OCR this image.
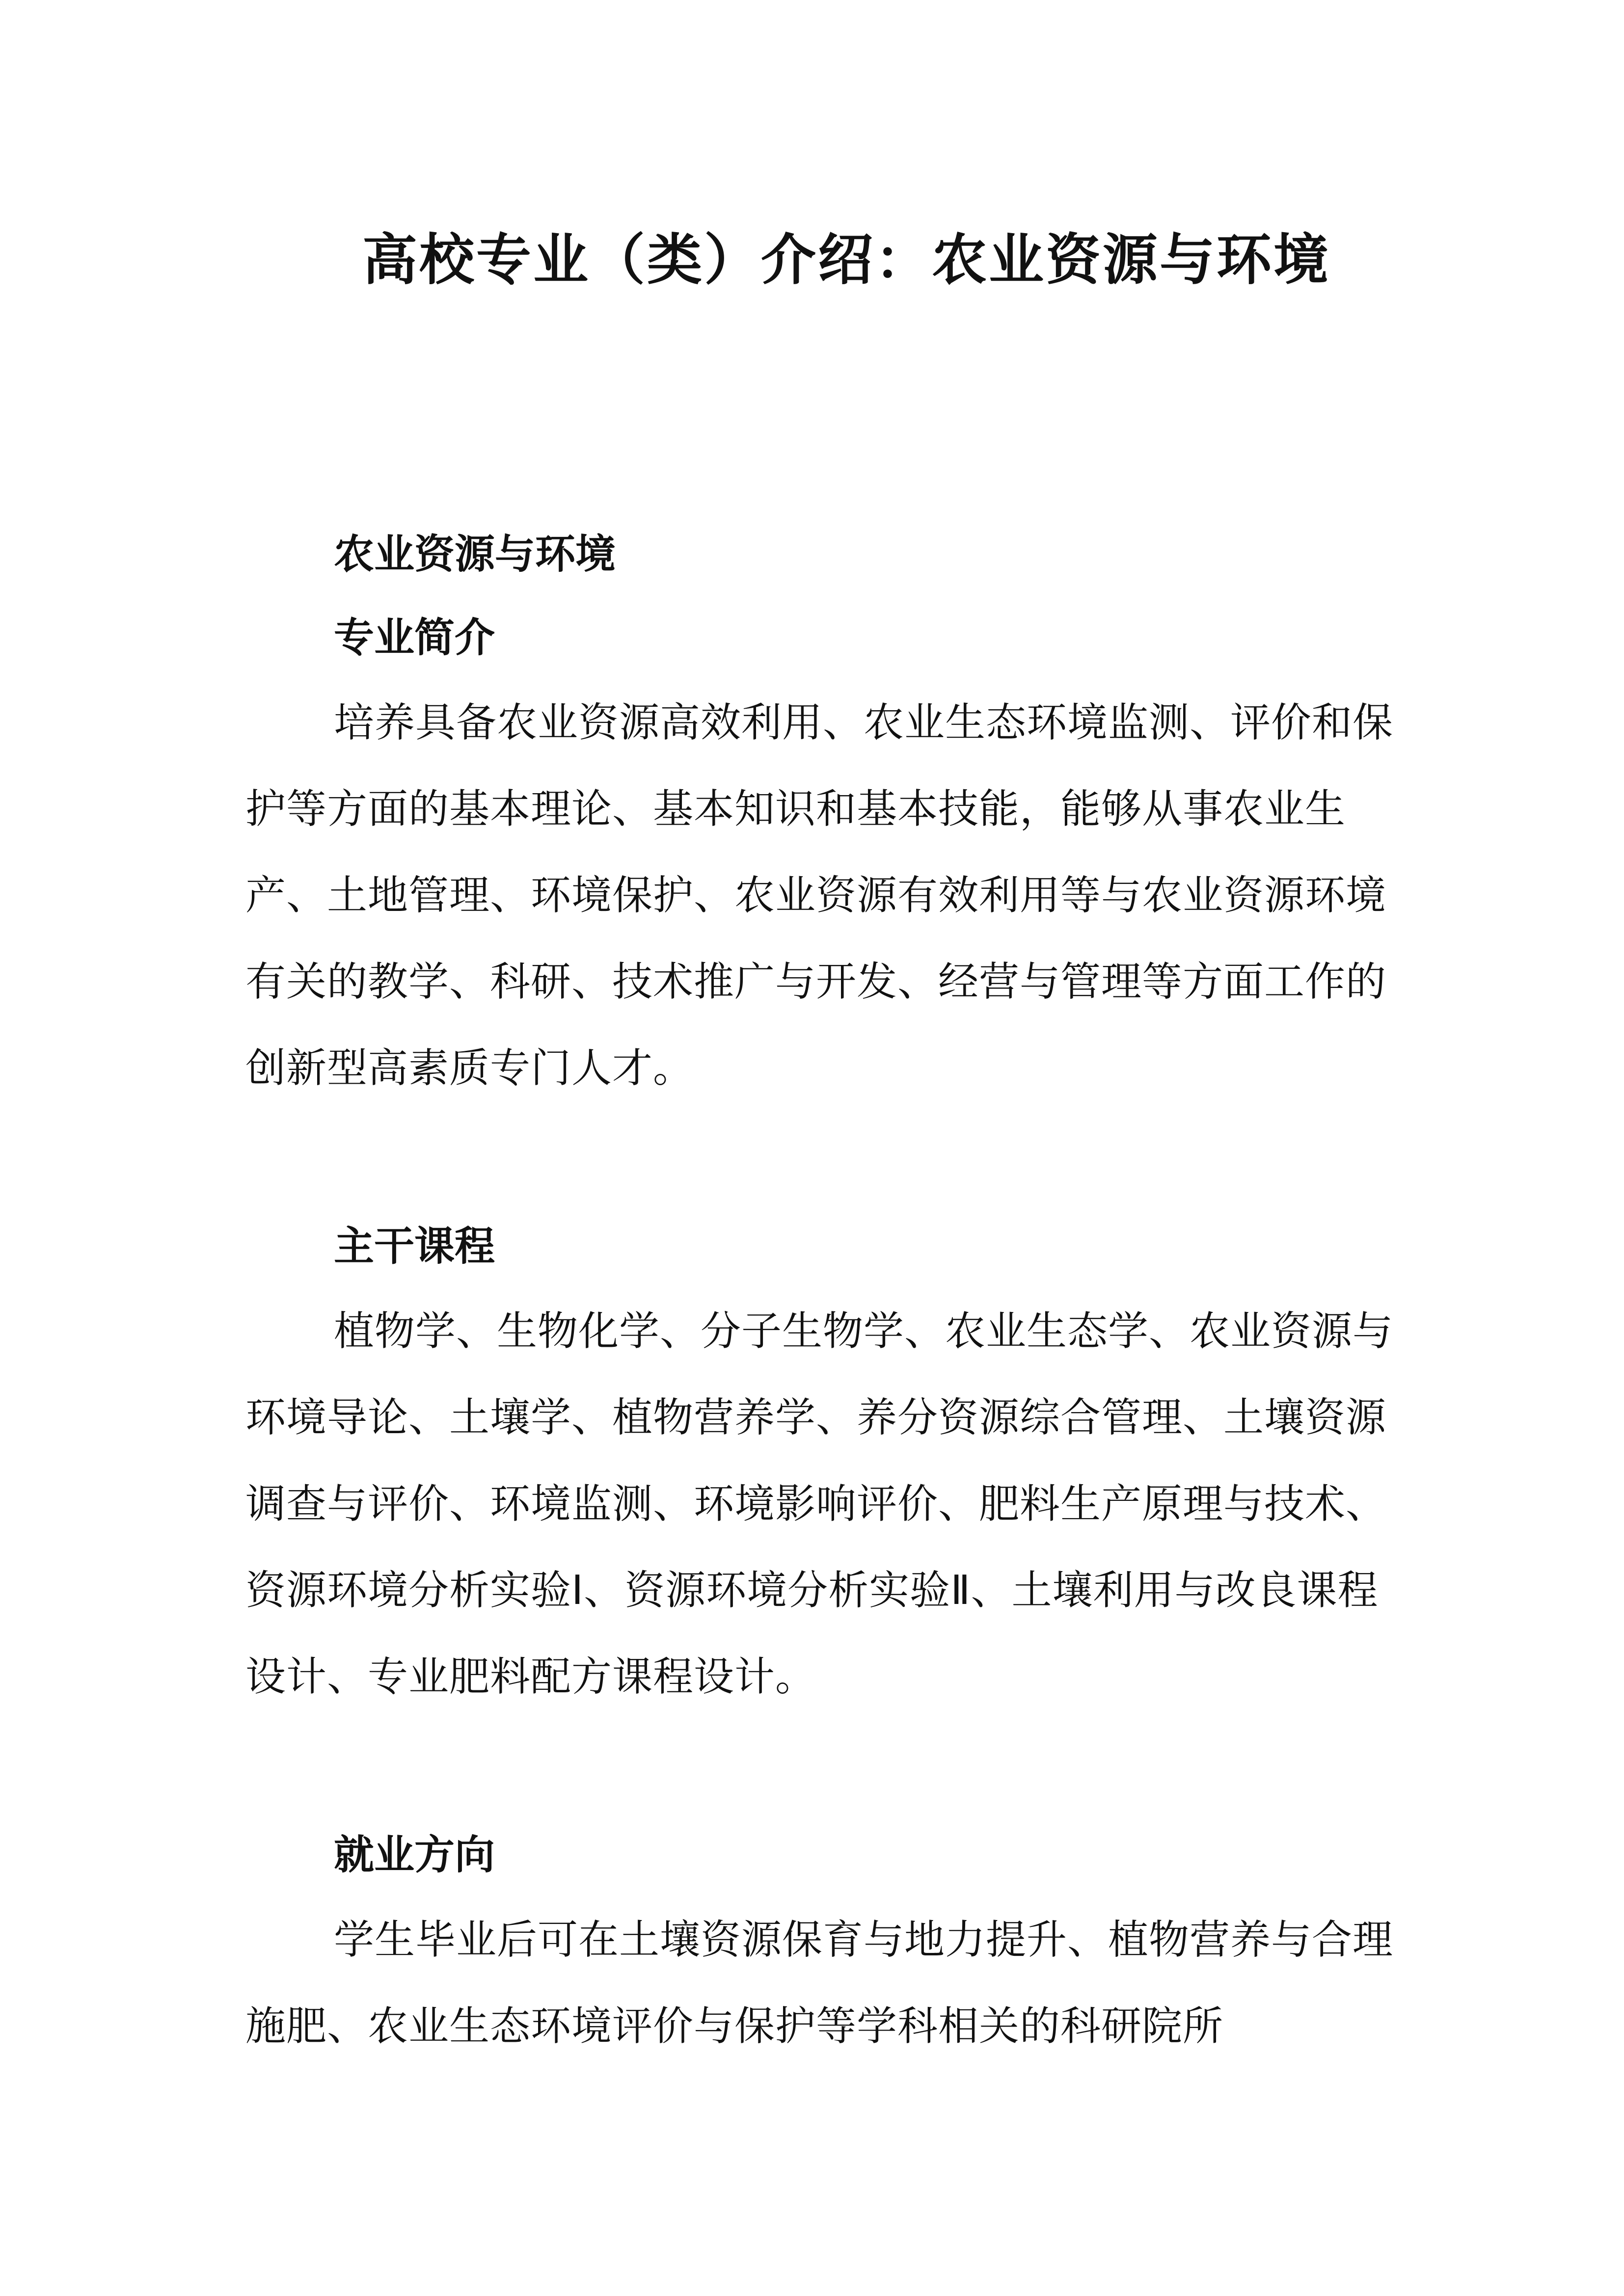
高校专业（类）介绍：农业资源与环境

农业资源与环境

专业简介

培养具备农业资源高效利用、农业生态环境监测、评价和保护等方面的基本理论、基本知识和基本技能，能够从事农业生产、土地管理、环境保护、农业资源有效利用等与农业资源环境有关的教学、科研、技术推广与开发、经营与管理等方面工作的创新型高素质专门人才。

主干课程

植物学、生物化学、分子生物学、农业生态学、农业资源与环境导论、土壤学、植物营养学、养分资源综合管理、土壤资源调查与评价、环境监测、环境影响评价、肥料生产原理与技术、资源环境分析实验Ⅰ、资源环境分析实验Ⅱ、土壤利用与改良课程设计、专业肥料配方课程设计。

就业方向

学生毕业后可在土壤资源保育与地力提升、植物营养与合理施肥、农业生态环境评价与保护等学科相关的科研院所
